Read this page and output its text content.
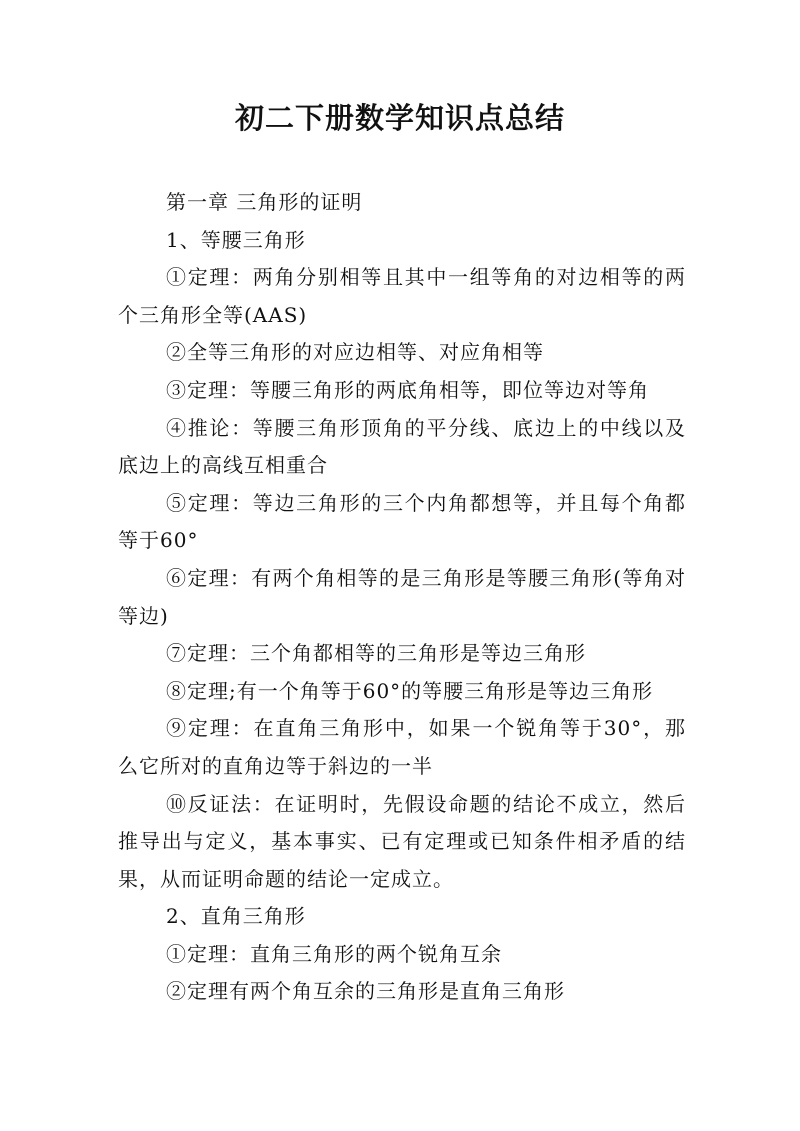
初二下册数学知识点总结

第一章 三角形的证明

1、等腰三角形

①定理：两角分别相等且其中一组等角的对边相等的两个三角形全等(AAS)

②全等三角形的对应边相等、对应角相等

③定理：等腰三角形的两底角相等，即位等边对等角

④推论：等腰三角形顶角的平分线、底边上的中线以及底边上的高线互相重合

⑤定理：等边三角形的三个内角都想等，并且每个角都等于60°

⑥定理：有两个角相等的是三角形是等腰三角形(等角对等边)

⑦定理：三个角都相等的三角形是等边三角形

⑧定理;有一个角等于60°的等腰三角形是等边三角形

⑨定理：在直角三角形中，如果一个锐角等于30°，那么它所对的直角边等于斜边的一半

⑩反证法：在证明时，先假设命题的结论不成立，然后推导出与定义，基本事实、已有定理或已知条件相矛盾的结果，从而证明命题的结论一定成立。

2、直角三角形

①定理：直角三角形的两个锐角互余

②定理有两个角互余的三角形是直角三角形
